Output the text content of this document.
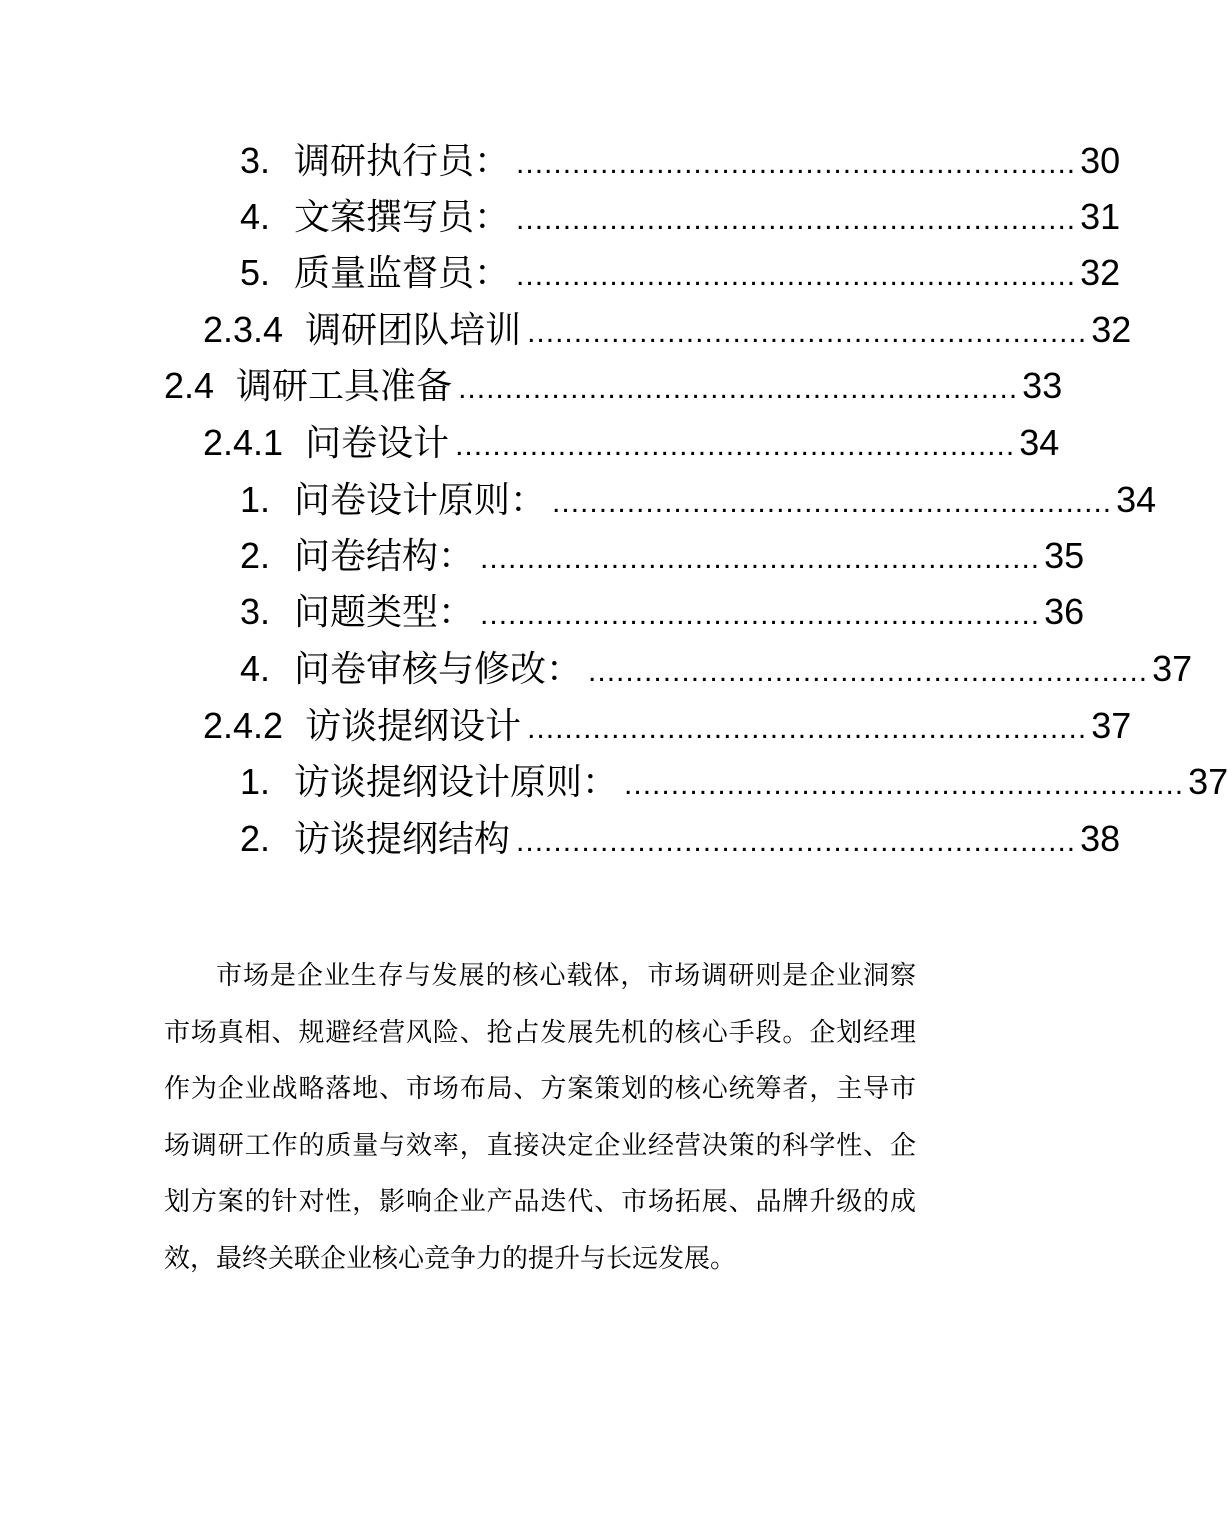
3. 调研执行员： ............................................................ 30
4. 文案撰写员： ............................................................ 31
5. 质量监督员： ............................................................ 32
2.3.4 调研团队培训 ............................................................ 32
2.4 调研工具准备 ............................................................ 33
2.4.1 问卷设计 ............................................................ 34
1. 问卷设计原则： ............................................................ 34
2. 问卷结构： ............................................................ 35
3. 问题类型： ............................................................ 36
4. 问卷审核与修改： ............................................................ 37
2.4.2 访谈提纲设计 ............................................................ 37
1. 访谈提纲设计原则： ............................................................ 37
2. 访谈提纲结构 ............................................................ 38

市场是企业生存与发展的核心载体，市场调研则是企业洞察市场真相、规避经营风险、抢占发展先机的核心手段。企划经理作为企业战略落地、市场布局、方案策划的核心统筹者，主导市场调研工作的质量与效率，直接决定企业经营决策的科学性、企划方案的针对性，影响企业产品迭代、市场拓展、品牌升级的成效，最终关联企业核心竞争力的提升与长远发展。
